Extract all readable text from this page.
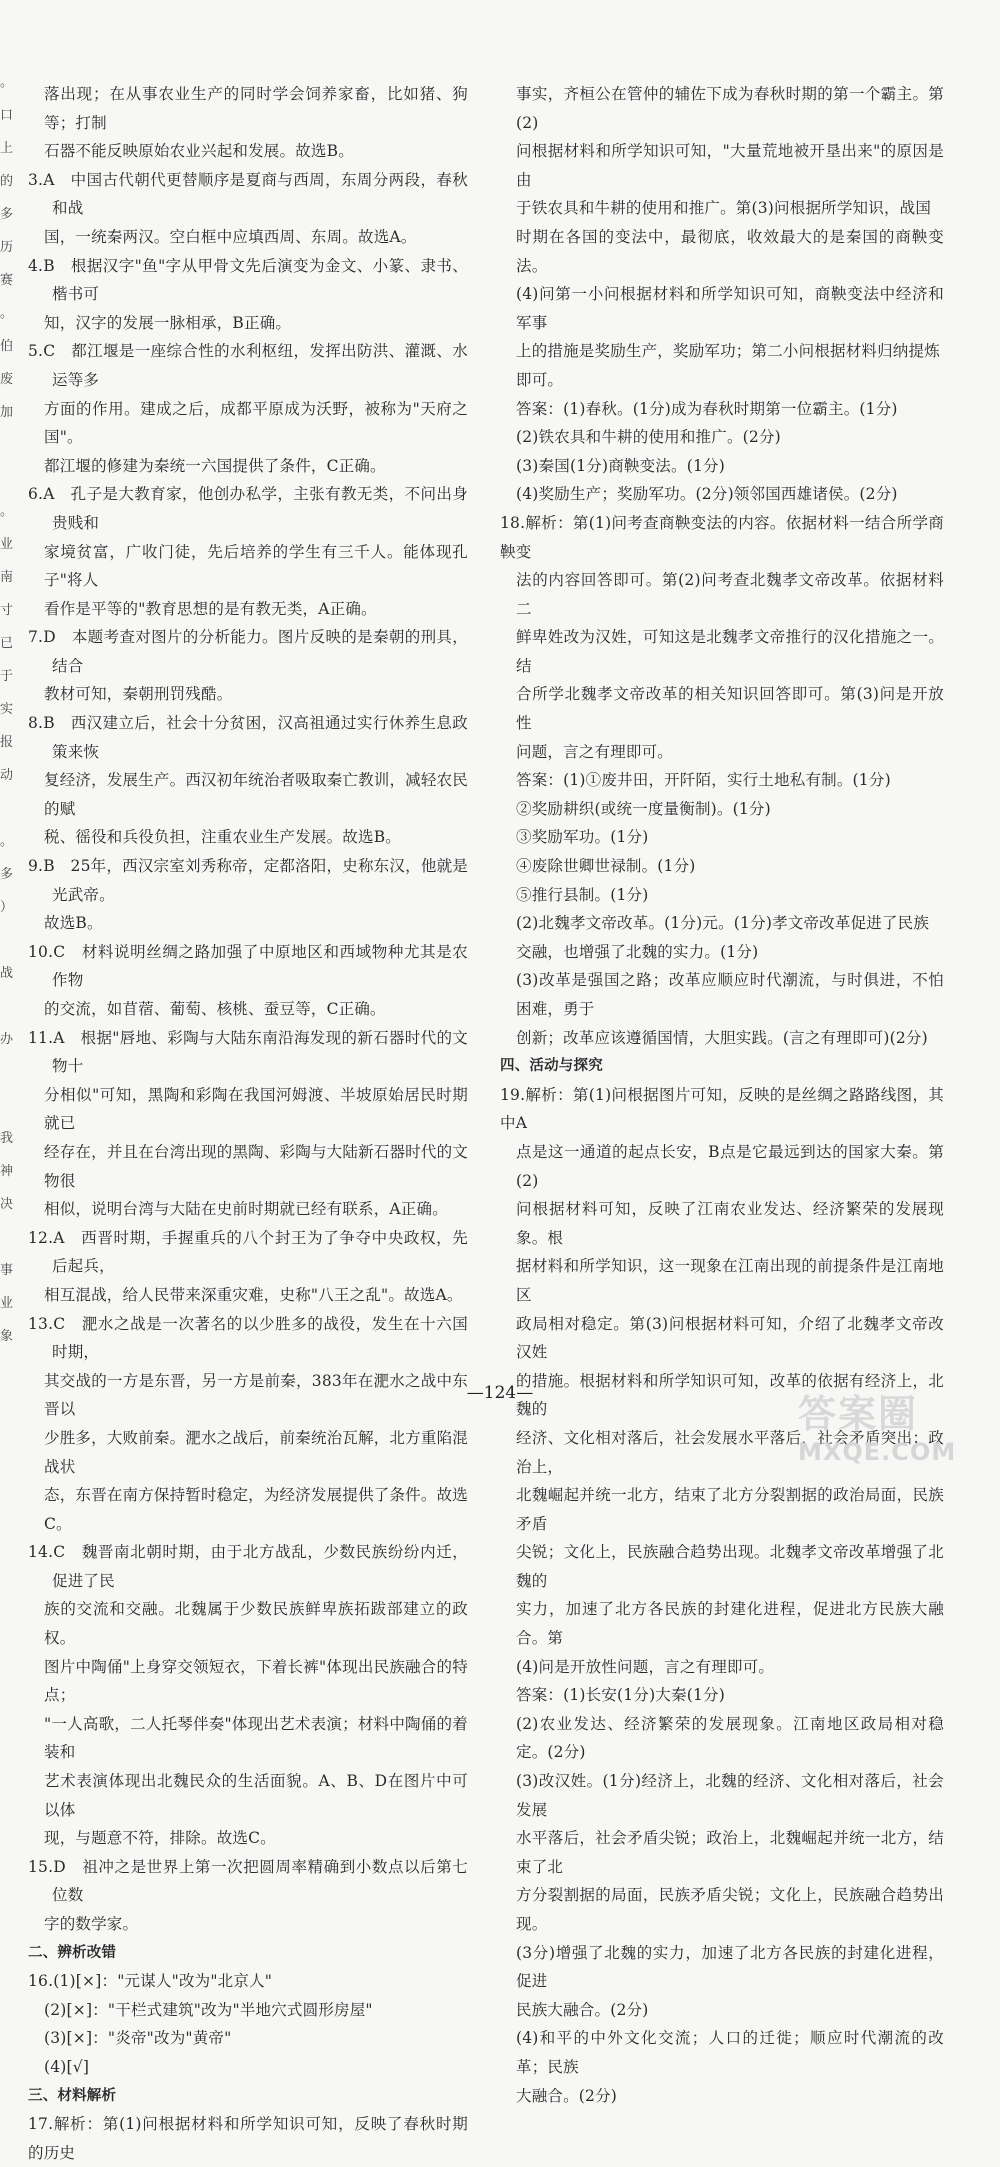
。
口
上
的
多
历
赛
。
伯
废
加
。
业
南
寸
已
于
实
报
动
。
多
）
战
办
我
神
决
事
业
象

落出现；在从事农业生产的同时学会饲养家畜，比如猪、狗等；打制

石器不能反映原始农业兴起和发展。故选B。

3.A　中国古代朝代更替顺序是夏商与西周，东周分两段，春秋和战

国，一统秦两汉。空白框中应填西周、东周。故选A。

4.B　根据汉字"鱼"字从甲骨文先后演变为金文、小篆、隶书、楷书可

知，汉字的发展一脉相承，B正确。

5.C　都江堰是一座综合性的水利枢纽，发挥出防洪、灌溉、水运等多

方面的作用。建成之后，成都平原成为沃野，被称为"天府之国"。

都江堰的修建为秦统一六国提供了条件，C正确。

6.A　孔子是大教育家，他创办私学，主张有教无类，不问出身贵贱和

家境贫富，广收门徒，先后培养的学生有三千人。能体现孔子"将人

看作是平等的"教育思想的是有教无类，A正确。

7.D　本题考查对图片的分析能力。图片反映的是秦朝的刑具，结合

教材可知，秦朝刑罚残酷。

8.B　西汉建立后，社会十分贫困，汉高祖通过实行休养生息政策来恢

复经济，发展生产。西汉初年统治者吸取秦亡教训，减轻农民的赋

税、徭役和兵役负担，注重农业生产发展。故选B。

9.B　25年，西汉宗室刘秀称帝，定都洛阳，史称东汉，他就是光武帝。

故选B。

10.C　材料说明丝绸之路加强了中原地区和西域物种尤其是农作物

的交流，如苜蓿、葡萄、核桃、蚕豆等，C正确。

11.A　根据"唇地、彩陶与大陆东南沿海发现的新石器时代的文物十

分相似"可知，黑陶和彩陶在我国河姆渡、半坡原始居民时期就已

经存在，并且在台湾出现的黑陶、彩陶与大陆新石器时代的文物很

相似，说明台湾与大陆在史前时期就已经有联系，A正确。

12.A　西晋时期，手握重兵的八个封王为了争夺中央政权，先后起兵，

相互混战，给人民带来深重灾难，史称"八王之乱"。故选A。

13.C　淝水之战是一次著名的以少胜多的战役，发生在十六国时期，

其交战的一方是东晋，另一方是前秦，383年在淝水之战中东晋以

少胜多，大败前秦。淝水之战后，前秦统治瓦解，北方重陷混战状

态，东晋在南方保持暂时稳定，为经济发展提供了条件。故选C。

14.C　魏晋南北朝时期，由于北方战乱，少数民族纷纷内迁，促进了民

族的交流和交融。北魏属于少数民族鲜卑族拓跋部建立的政权。

图片中陶俑"上身穿交领短衣，下着长裤"体现出民族融合的特点；

"一人高歌，二人托琴伴奏"体现出艺术表演；材料中陶俑的着装和

艺术表演体现出北魏民众的生活面貌。A、B、D在图片中可以体

现，与题意不符，排除。故选C。

15.D　祖冲之是世界上第一次把圆周率精确到小数点以后第七位数

字的数学家。

二、辨析改错

16.(1)[×]："元谋人"改为"北京人"

(2)[×]："干栏式建筑"改为"半地穴式圆形房屋"

(3)[×]："炎帝"改为"黄帝"

(4)[√]

三、材料解析

17.解析：第(1)问根据材料和所学知识可知，反映了春秋时期的历史

事实，齐桓公在管仲的辅佐下成为春秋时期的第一个霸主。第(2)

问根据材料和所学知识可知，"大量荒地被开垦出来"的原因是由

于铁农具和牛耕的使用和推广。第(3)问根据所学知识，战国

时期在各国的变法中，最彻底，收效最大的是秦国的商鞅变法。

(4)问第一小问根据材料和所学知识可知，商鞅变法中经济和军事

上的措施是奖励生产，奖励军功；第二小问根据材料归纳提炼

即可。

答案：(1)春秋。(1分)成为春秋时期第一位霸主。(1分)

(2)铁农具和牛耕的使用和推广。(2分)

(3)秦国(1分)商鞅变法。(1分)

(4)奖励生产；奖励军功。(2分)领邻国西雄诸侯。(2分)

18.解析：第(1)问考查商鞅变法的内容。依据材料一结合所学商鞅变

法的内容回答即可。第(2)问考查北魏孝文帝改革。依据材料二

鲜卑姓改为汉姓，可知这是北魏孝文帝推行的汉化措施之一。结

合所学北魏孝文帝改革的相关知识回答即可。第(3)问是开放性

问题，言之有理即可。

答案：(1)①废井田，开阡陌，实行土地私有制。(1分)

②奖励耕织(或统一度量衡制)。(1分)

③奖励军功。(1分)

④废除世卿世禄制。(1分)

⑤推行县制。(1分)

(2)北魏孝文帝改革。(1分)元。(1分)孝文帝改革促进了民族

交融，也增强了北魏的实力。(1分)

(3)改革是强国之路；改革应顺应时代潮流，与时俱进，不怕困难，勇于

创新；改革应该遵循国情，大胆实践。(言之有理即可)(2分)

四、活动与探究

19.解析：第(1)问根据图片可知，反映的是丝绸之路路线图，其中A

点是这一通道的起点长安，B点是它最远到达的国家大秦。第(2)

问根据材料可知，反映了江南农业发达、经济繁荣的发展现象。根

据材料和所学知识，这一现象在江南出现的前提条件是江南地区

政局相对稳定。第(3)问根据材料可知，介绍了北魏孝文帝改汉姓

的措施。根据材料和所学知识可知，改革的依据有经济上，北魏的

经济、文化相对落后，社会发展水平落后，社会矛盾突出；政治上，

北魏崛起并统一北方，结束了北方分裂割据的政治局面，民族矛盾

尖锐；文化上，民族融合趋势出现。北魏孝文帝改革增强了北魏的

实力，加速了北方各民族的封建化进程，促进北方民族大融合。第

(4)问是开放性问题，言之有理即可。

答案：(1)长安(1分)大秦(1分)

(2)农业发达、经济繁荣的发展现象。江南地区政局相对稳定。(2分)

(3)改汉姓。(1分)经济上，北魏的经济、文化相对落后，社会发展

水平落后，社会矛盾尖锐；政治上，北魏崛起并统一北方，结束了北

方分裂割据的局面，民族矛盾尖锐；文化上，民族融合趋势出现。

(3分)增强了北魏的实力，加速了北方各民族的封建化进程，促进

民族大融合。(2分)

(4)和平的中外文化交流；人口的迁徙；顺应时代潮流的改革；民族

大融合。(2分)

—124—	答案圈
MXQE.COM
